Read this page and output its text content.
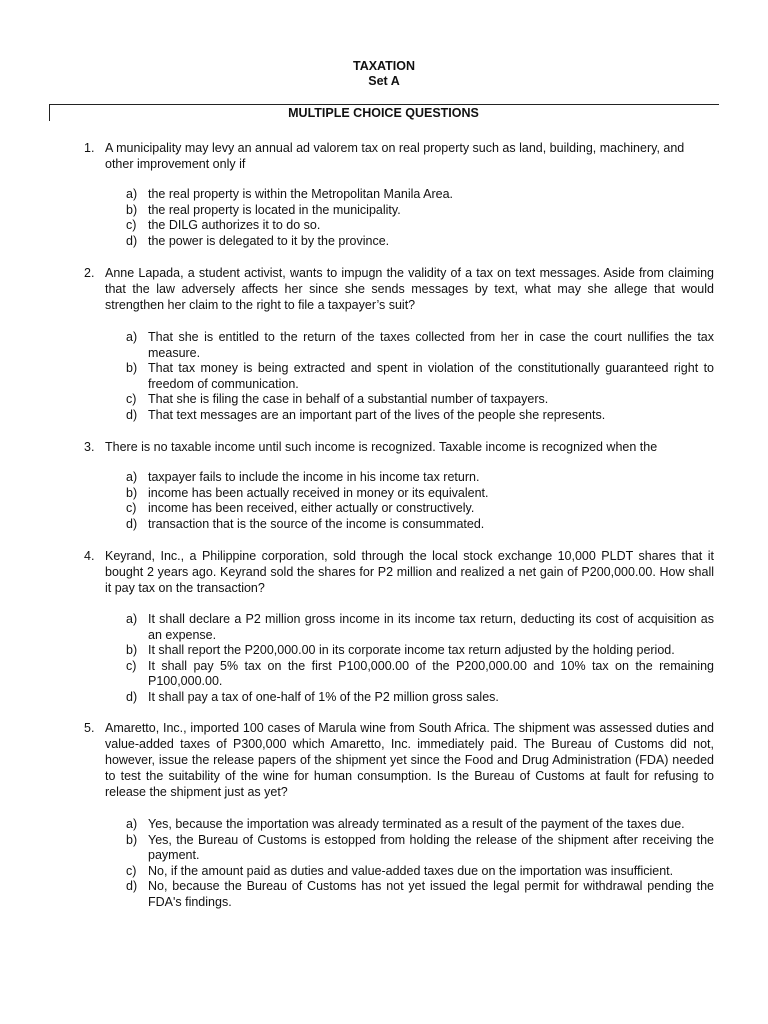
TAXATION
Set A
MULTIPLE CHOICE QUESTIONS
1. A municipality may levy an annual ad valorem tax on real property such as land, building, machinery, and other improvement only if
a) the real property is within the Metropolitan Manila Area.
b) the real property is located in the municipality.
c) the DILG authorizes it to do so.
d) the power is delegated to it by the province.
2. Anne Lapada, a student activist, wants to impugn the validity of a tax on text messages. Aside from claiming that the law adversely affects her since she sends messages by text, what may she allege that would strengthen her claim to the right to file a taxpayer’s suit?
a) That she is entitled to the return of the taxes collected from her in case the court nullifies the tax measure.
b) That tax money is being extracted and spent in violation of the constitutionally guaranteed right to freedom of communication.
c) That she is filing the case in behalf of a substantial number of taxpayers.
d) That text messages are an important part of the lives of the people she represents.
3. There is no taxable income until such income is recognized. Taxable income is recognized when the
a) taxpayer fails to include the income in his income tax return.
b) income has been actually received in money or its equivalent.
c) income has been received, either actually or constructively.
d) transaction that is the source of the income is consummated.
4. Keyrand, Inc., a Philippine corporation, sold through the local stock exchange 10,000 PLDT shares that it bought 2 years ago. Keyrand sold the shares for P2 million and realized a net gain of P200,000.00. How shall it pay tax on the transaction?
a) It shall declare a P2 million gross income in its income tax return, deducting its cost of acquisition as an expense.
b) It shall report the P200,000.00 in its corporate income tax return adjusted by the holding period.
c) It shall pay 5% tax on the first P100,000.00 of the P200,000.00 and 10% tax on the remaining P100,000.00.
d) It shall pay a tax of one-half of 1% of the P2 million gross sales.
5. Amaretto, Inc., imported 100 cases of Marula wine from South Africa. The shipment was assessed duties and value-added taxes of P300,000 which Amaretto, Inc. immediately paid. The Bureau of Customs did not, however, issue the release papers of the shipment yet since the Food and Drug Administration (FDA) needed to test the suitability of the wine for human consumption. Is the Bureau of Customs at fault for refusing to release the shipment just as yet?
a) Yes, because the importation was already terminated as a result of the payment of the taxes due.
b) Yes, the Bureau of Customs is estopped from holding the release of the shipment after receiving the payment.
c) No, if the amount paid as duties and value-added taxes due on the importation was insufficient.
d) No, because the Bureau of Customs has not yet issued the legal permit for withdrawal pending the FDA's findings.
